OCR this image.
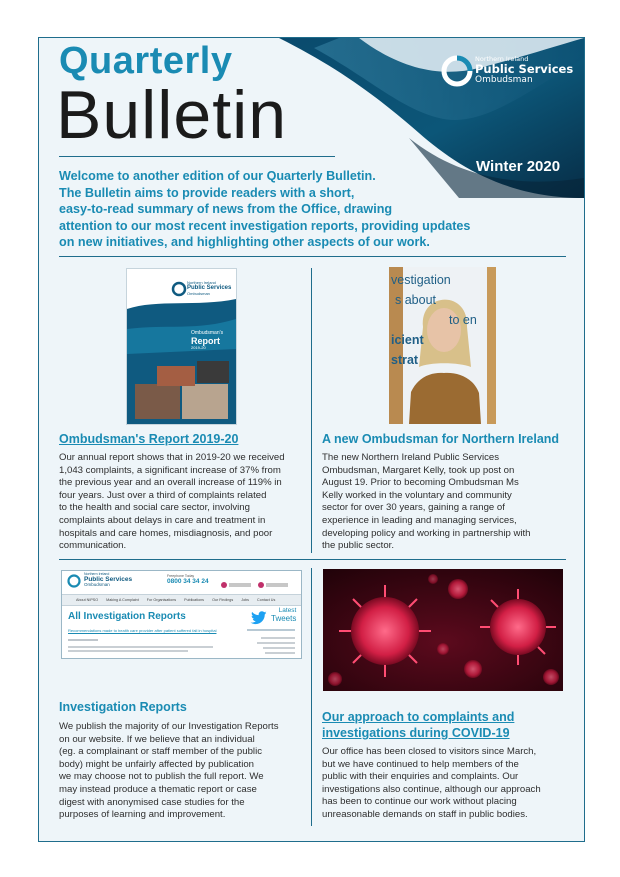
Quarterly
Bulletin
Northern Ireland
Public Services
Ombudsman
Winter 2020
Welcome to another edition of our Quarterly Bulletin.
The Bulletin aims to provide readers with a short,
easy-to-read summary of news from the Office, drawing
attention to our most recent investigation reports, providing updates
on new initiatives, and highlighting other aspects of our work.
Northern Ireland
Public Services
Ombudsman
Ombudsman's
Report
2019-20
vestigation
s about
to en
icient
strat
Ombudsman's Report 2019-20
Our annual report shows that in 2019-20 we received
1,043 complaints, a significant increase of 37% from
the previous year and an overall increase of 119% in
four years. Just over a third of complaints related
to the health and social care sector, involving
complaints about delays in care and treatment in
hospitals and care homes, misdiagnosis, and poor
communication.
A new Ombudsman for Northern Ireland
The new Northern Ireland Public Services
Ombudsman, Margaret Kelly, took up post on
August 19. Prior to becoming Ombudsman Ms
Kelly worked in the voluntary and community
sector for over 30 years, gaining a range of
experience in leading and managing services,
developing policy and working in partnership with
the public sector.
Northern Ireland
Public Services
Ombudsman
Freephone Today
0800 34 34 24
About NIPSO Making A Complaint For Organisations Publications Our Findings Jobs Contact Us
All Investigation Reports
Recommendations made to health care provider after patient suffered fall in hospital
Latest
Tweets
Investigation Reports
We publish the majority of our Investigation Reports
on our website. If we believe that an individual
(eg. a complainant or staff member of the public
body) might be unfairly affected by publication
we may choose not to publish the full report. We
may instead produce a thematic report or case
digest with anonymised case studies for the
purposes of learning and improvement.
Our approach to complaints and
investigations during COVID-19
Our office has been closed to visitors since March,
but we have continued to help members of the
public with their enquiries and complaints. Our
investigations also continue, although our approach
has been to continue our work without placing
unreasonable demands on staff in public bodies.
